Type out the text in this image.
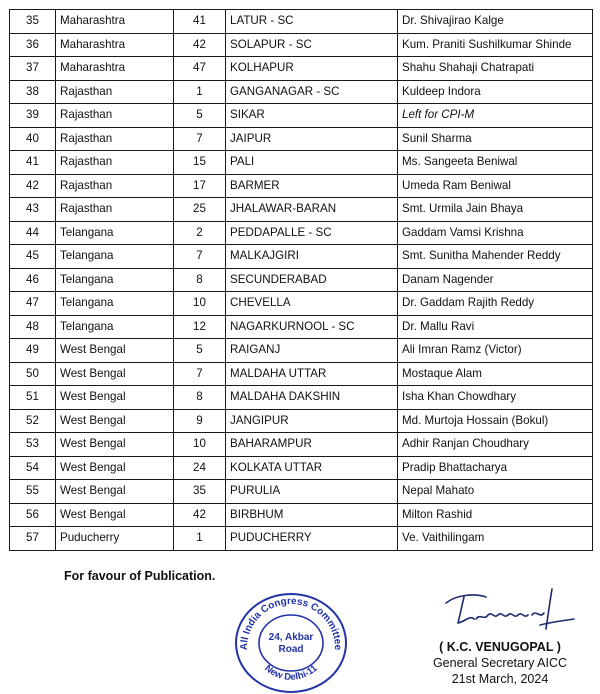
35	Maharashtra	41	LATUR - SC	Dr. Shivajirao Kalge
36	Maharashtra	42	SOLAPUR - SC	Kum. Praniti Sushilkumar Shinde
37	Maharashtra	47	KOLHAPUR	Shahu Shahaji Chatrapati
38	Rajasthan	1	GANGANAGAR - SC	Kuldeep Indora
39	Rajasthan	5	SIKAR	Left for CPI-M
40	Rajasthan	7	JAIPUR	Sunil Sharma
41	Rajasthan	15	PALI	Ms. Sangeeta Beniwal
42	Rajasthan	17	BARMER	Umeda Ram Beniwal
43	Rajasthan	25	JHALAWAR-BARAN	Smt. Urmila Jain Bhaya
44	Telangana	2	PEDDAPALLE - SC	Gaddam Vamsi Krishna
45	Telangana	7	MALKAJGIRI	Smt. Sunitha Mahender Reddy
46	Telangana	8	SECUNDERABAD	Danam Nagender
47	Telangana	10	CHEVELLA	Dr. Gaddam Rajith Reddy
48	Telangana	12	NAGARKURNOOL - SC	Dr. Mallu Ravi
49	West Bengal	5	RAIGANJ	Ali Imran Ramz (Victor)
50	West Bengal	7	MALDAHA UTTAR	Mostaque Alam
51	West Bengal	8	MALDAHA DAKSHIN	Isha Khan Chowdhary
52	West Bengal	9	JANGIPUR	Md. Murtoja Hossain (Bokul)
53	West Bengal	10	BAHARAMPUR	Adhir Ranjan Choudhary
54	West Bengal	24	KOLKATA UTTAR	Pradip Bhattacharya
55	West Bengal	35	PURULIA	Nepal Mahato
56	West Bengal	42	BIRBHUM	Milton Rashid
57	Puducherry	1	PUDUCHERRY	Ve. Vaithilingam
For favour of Publication.
All India Congress Committee
New Delhi-11
24, Akbar
Road	( K.C. VENUGOPAL )
General Secretary AICC
21st March, 2024
